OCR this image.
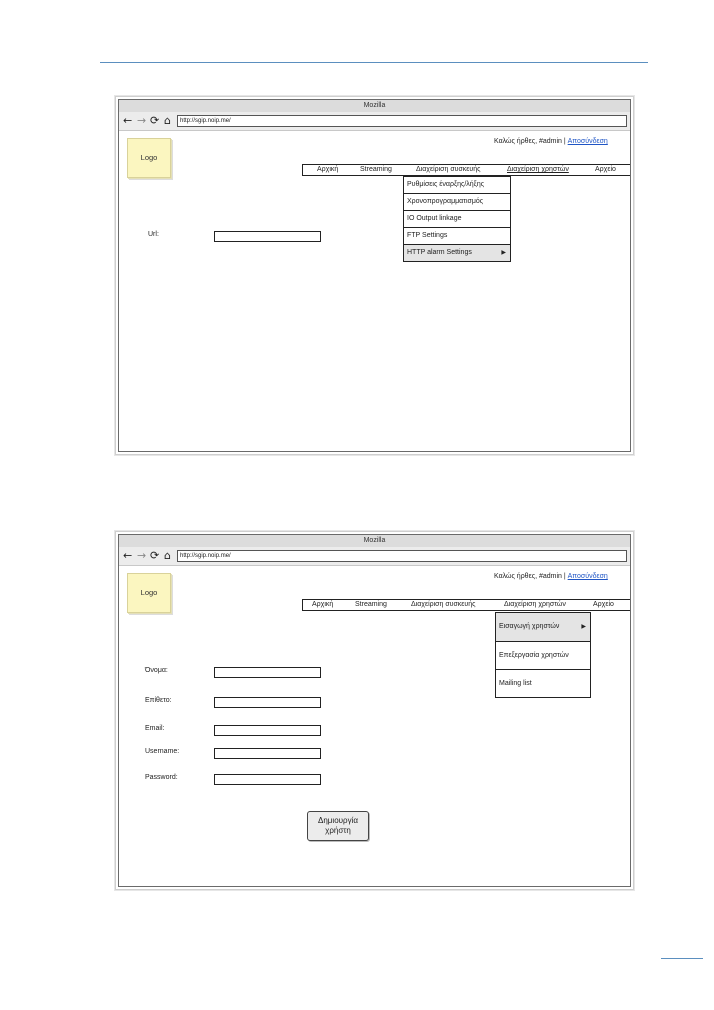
Mozilla
← → ⟳ ⌂	http://sgip.noip.me/
Logo
Καλώς ήρθες, #admin | Αποσύνδεση
Αρχική	Streaming	Διαχείριση συσκευής	Διαχείριση χρηστών	Αρχείο
Ρυθμίσεις έναρξης/λήξης
Χρονοπρογραμματισμός
IO Output linkage
FTP Settings
HTTP alarm Settings	▶
Url:
Mozilla
← → ⟳ ⌂	http://sgip.noip.me/
Logo
Καλώς ήρθες, #admin | Αποσύνδεση
Αρχική	Streaming	Διαχείριση συσκευής	Διαχείριση χρηστών	Αρχείο
Εισαγωγή χρηστών	▶
Επεξεργασία χρηστών
Mailing list
Όνομα:
Επίθετο:
Email:
Username:
Password:
Δημιουργία χρήστη
